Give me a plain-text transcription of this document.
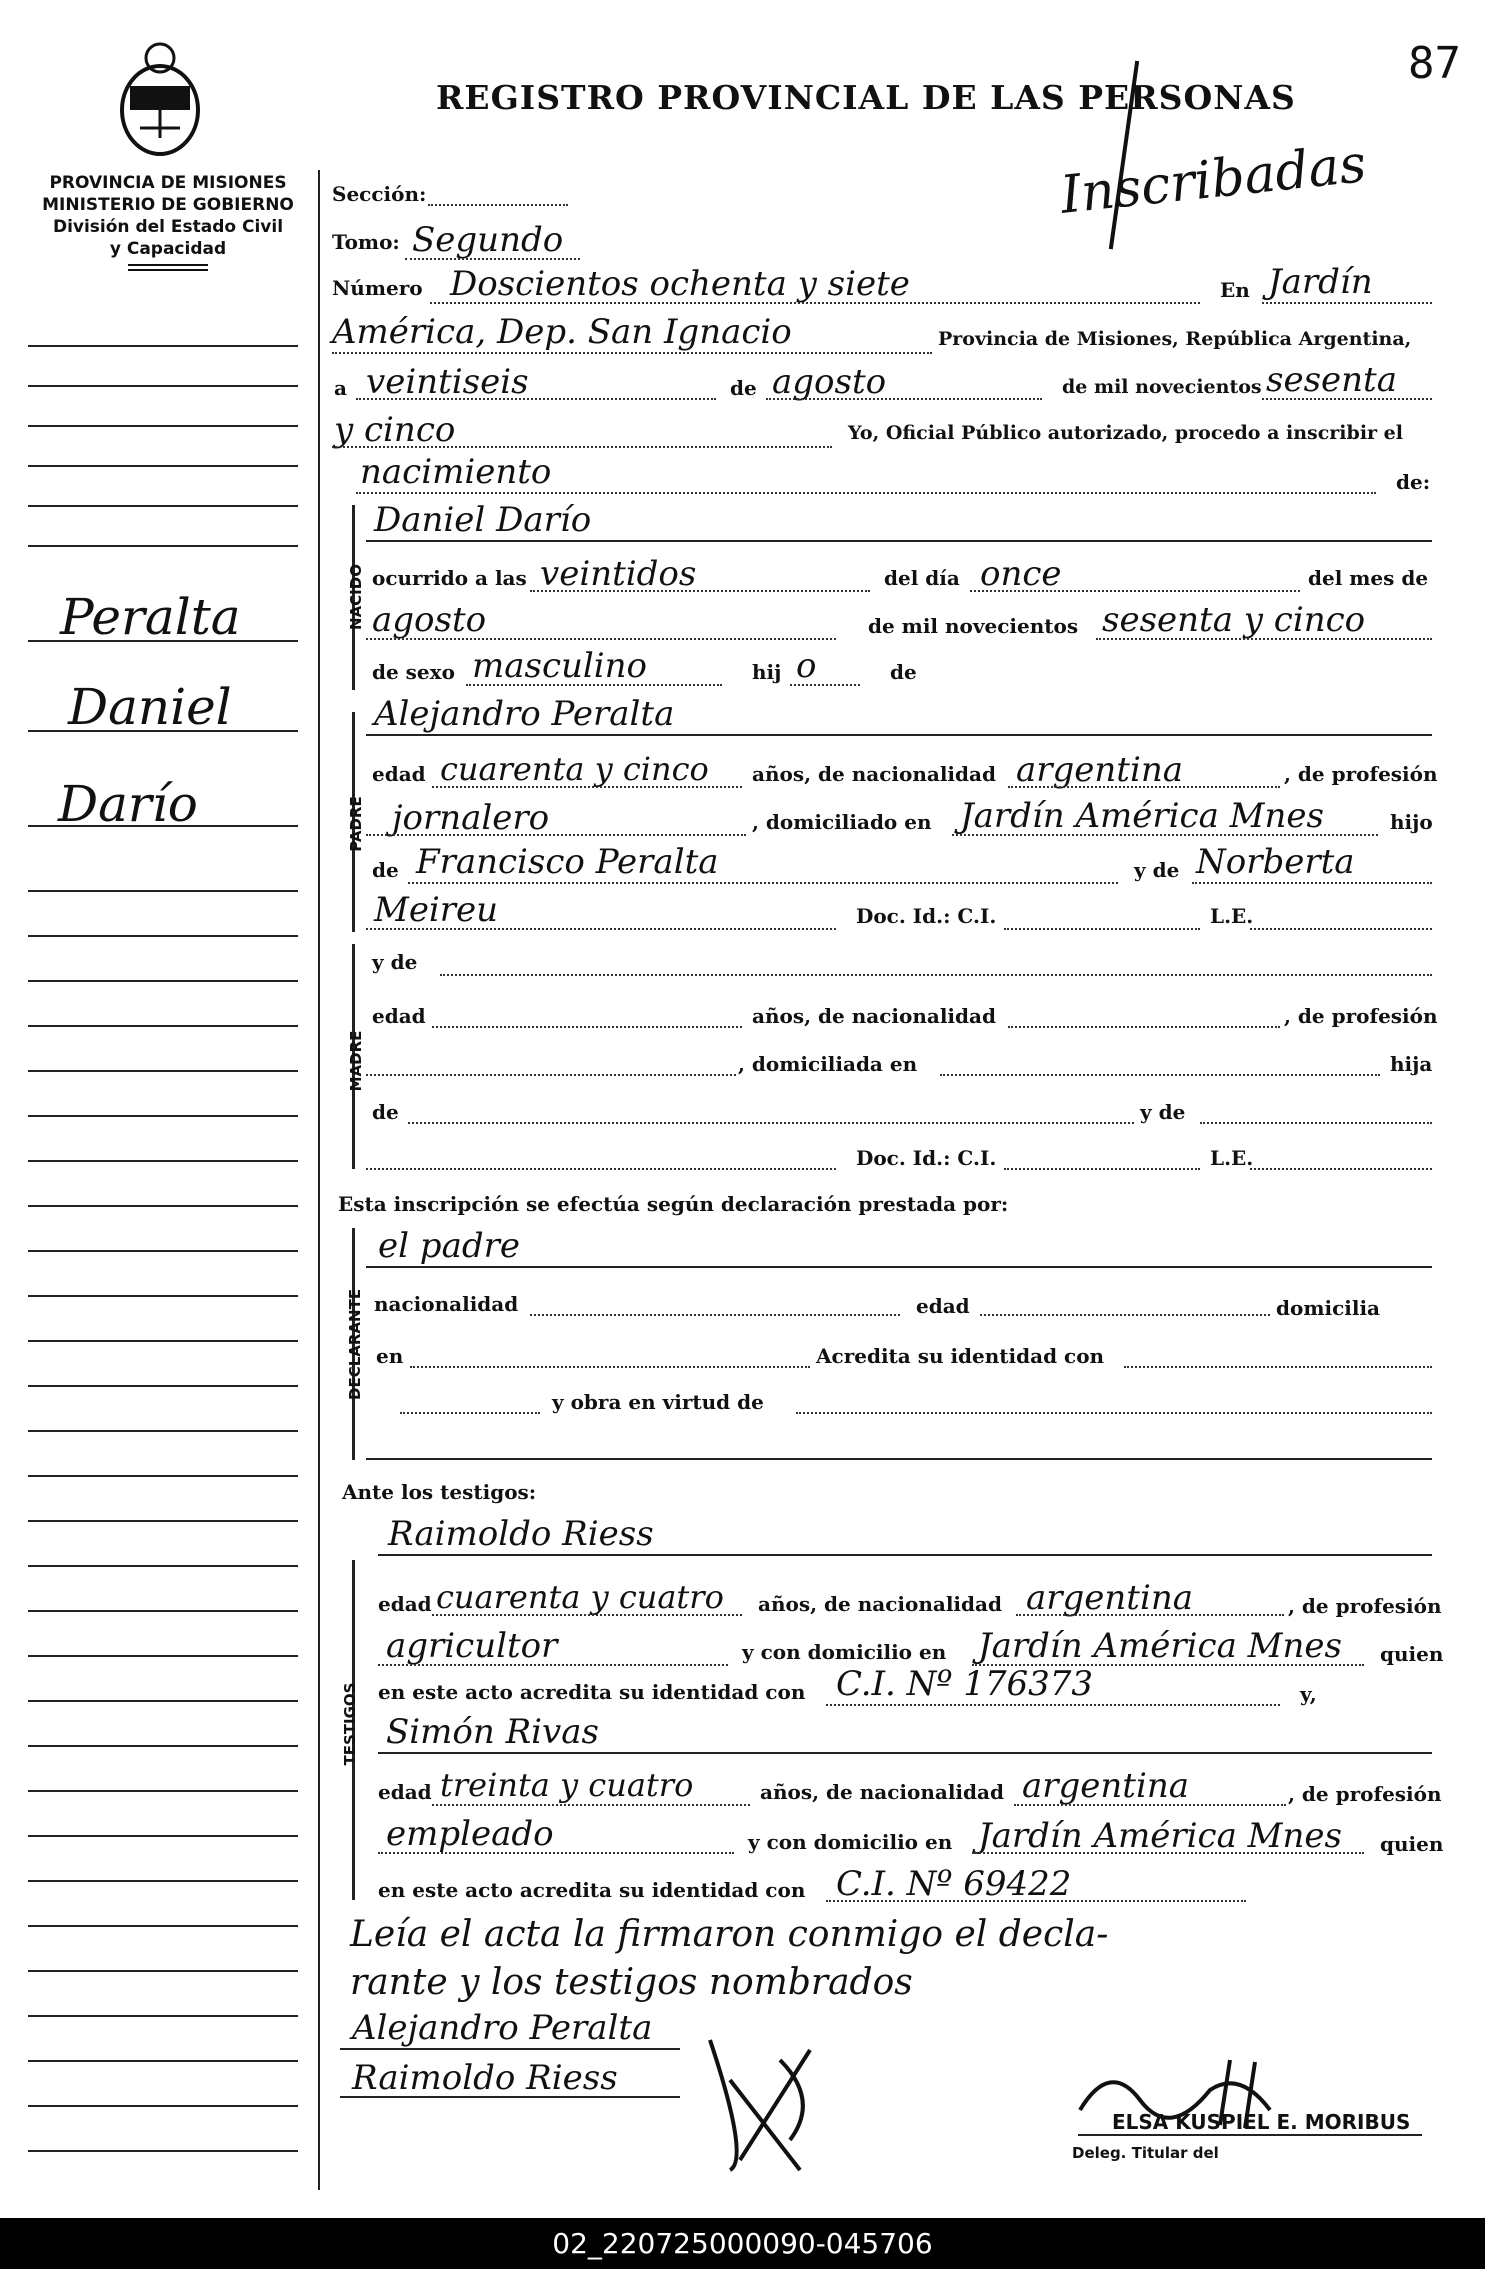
87
REGISTRO PROVINCIAL DE LAS PERSONAS
Inscribadas
PROVINCIA DE MISIONES
MINISTERIO DE GOBIERNO
División del Estado Civil
y Capacidad
Peralta
Daniel
Darío
Sección:
Tomo: Segundo
Número Doscientos ochenta y siete	En Jardín
América, Dep. San Ignacio	Provincia de Misiones, República Argentina,
a veintiseis	de agosto	de mil novecientos sesenta
y cinco	Yo, Oficial Público autorizado, procedo a inscribir el
nacimiento	de:
NACIDO
Daniel Darío
ocurrido a las veintidos	del día once	del mes de
agosto	de mil novecientos sesenta y cinco
de sexo masculino	hij o	de
PADRE
Alejandro Peralta
edad cuarenta y cinco años, de nacionalidad argentina	, de profesión
jornalero	, domiciliado en Jardín América Mnes	hijo
de Francisco Peralta	y de Norberta
Meireu	Doc. Id.: C.I.	L.E.
MADRE
y de
edad	años, de nacionalidad	, de profesión
, domiciliada en	hija
de	y de
Doc. Id.: C.I.	L.E.
Esta inscripción se efectúa según declaración prestada por:
DECLARANTE
el padre
nacionalidad	edad	domicilia
en	Acredita su identidad con
y obra en virtud de
Ante los testigos:
TESTIGOS
Raimoldo Riess
edad cuarenta y cuatro años, de nacionalidad argentina	, de profesión
agricultor	y con domicilio en Jardín América Mnes quien
en este acto acredita su identidad con C.I. Nº 176373	y,
Simón Rivas
edad treinta y cuatro	años, de nacionalidad argentina	, de profesión
empleado	y con domicilio en Jardín América Mnes quien
en este acto acredita su identidad con C.I. Nº 69422
Leía el acta la firmaron conmigo el decla-
rante y los testigos nombrados
Alejandro Peralta
Raimoldo Riess
ELSA KUSPIEL E. MORIBUS
Deleg. Titular del
02_220725000090-045706
